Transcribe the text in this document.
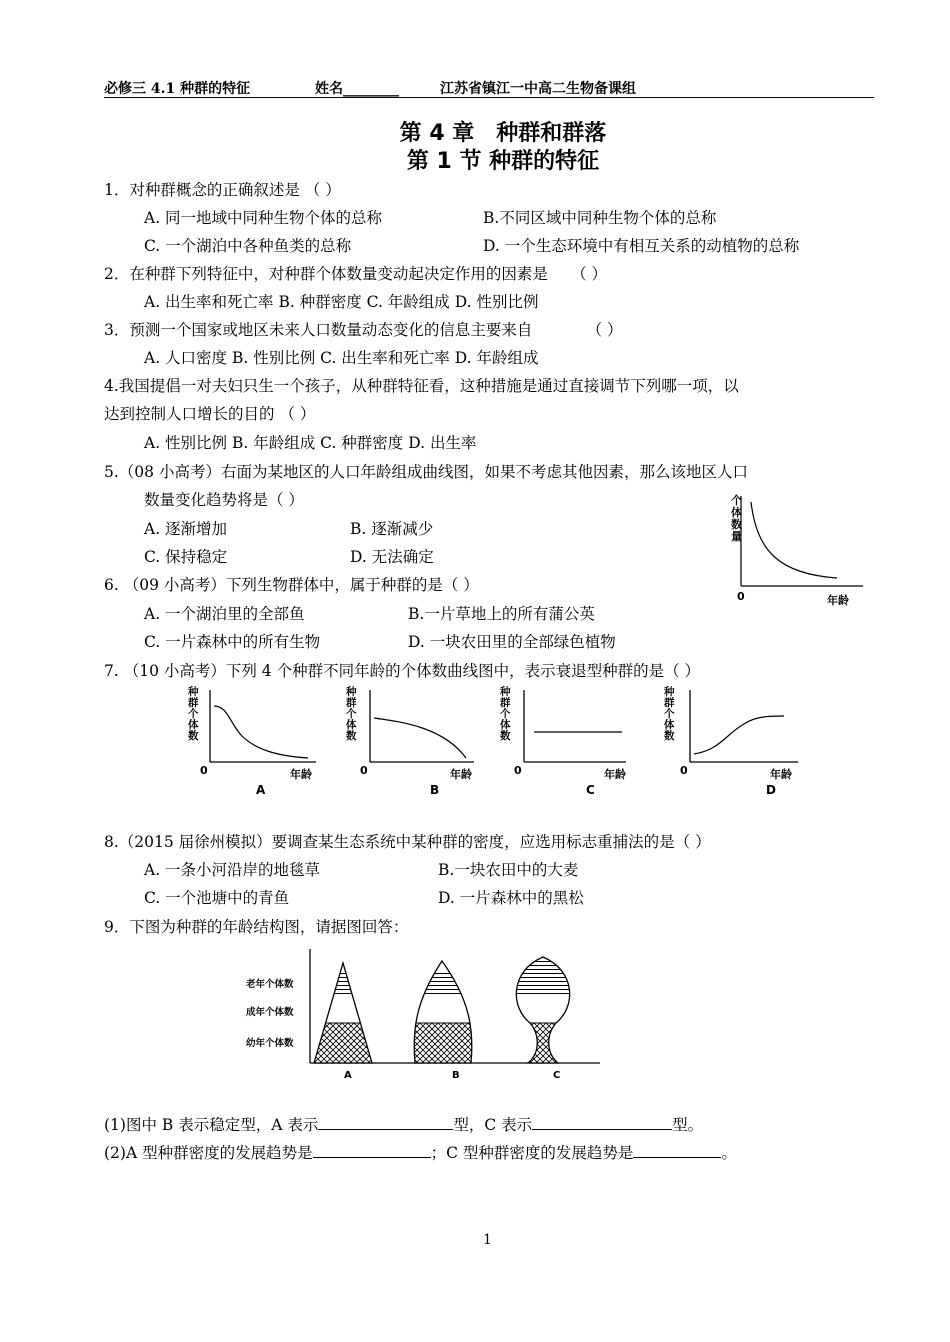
必修三 4.1 种群的特征	姓名________	江苏省镇江一中高二生物备课组
第 4 章　种群和群落
第 1 节 种群的特征
1．对种群概念的正确叙述是 （ ）
A. 同一地域中同种生物个体的总称	B.不同区域中同种生物个体的总称
C. 一个湖泊中各种鱼类的总称	D. 一个生态环境中有相互关系的动植物的总称
2．在种群下列特征中，对种群个体数量变动起决定作用的因素是　　（ ）
A. 出生率和死亡率 B. 种群密度 C. 年龄组成 D. 性别比例
3．预测一个国家或地区未来人口数量动态变化的信息主要来自　　　　（ ）
A. 人口密度 B. 性别比例 C. 出生率和死亡率 D. 年龄组成
4.我国提倡一对夫妇只生一个孩子，从种群特征看，这种措施是通过直接调节下列哪一项，以
达到控制人口增长的目的 （ ）
A. 性别比例 B. 年龄组成 C. 种群密度 D. 出生率
5.（08 小高考）右面为某地区的人口年龄组成曲线图，如果不考虑其他因素，那么该地区人口
数量变化趋势将是（ ）
A. 逐渐增加	B. 逐渐减少
C. 保持稳定	D. 无法确定
个
体
数
量
0	年龄
6. （09 小高考）下列生物群体中，属于种群的是（ ）
A. 一个湖泊里的全部鱼	B.一片草地上的所有蒲公英
C. 一片森林中的所有生物	D. 一块农田里的全部绿色植物
7. （10 小高考）下列 4 个种群不同年龄的个体数曲线图中，表示衰退型种群的是（ ）
种
群
个
体
数
0	年龄
A
种
群
个
体
数
0	年龄
B
种
群
个
体
数
0	年龄
C
种
群
个
体
数
0	年龄
D
8.（2015 届徐州模拟）要调查某生态系统中某种群的密度，应选用标志重捕法的是（ ）
A. 一条小河沿岸的地毯草	B.一块农田中的大麦
C. 一个池塘中的青鱼	D. 一片森林中的黑松
9．下图为种群的年龄结构图，请据图回答：
老年个体数
成年个体数
幼年个体数
A	B	C
(1)图中 B 表示稳定型，A 表示	型，C 表示	型。
(2)A 型种群密度的发展趋势是	；C 型种群密度的发展趋势是	。
1
